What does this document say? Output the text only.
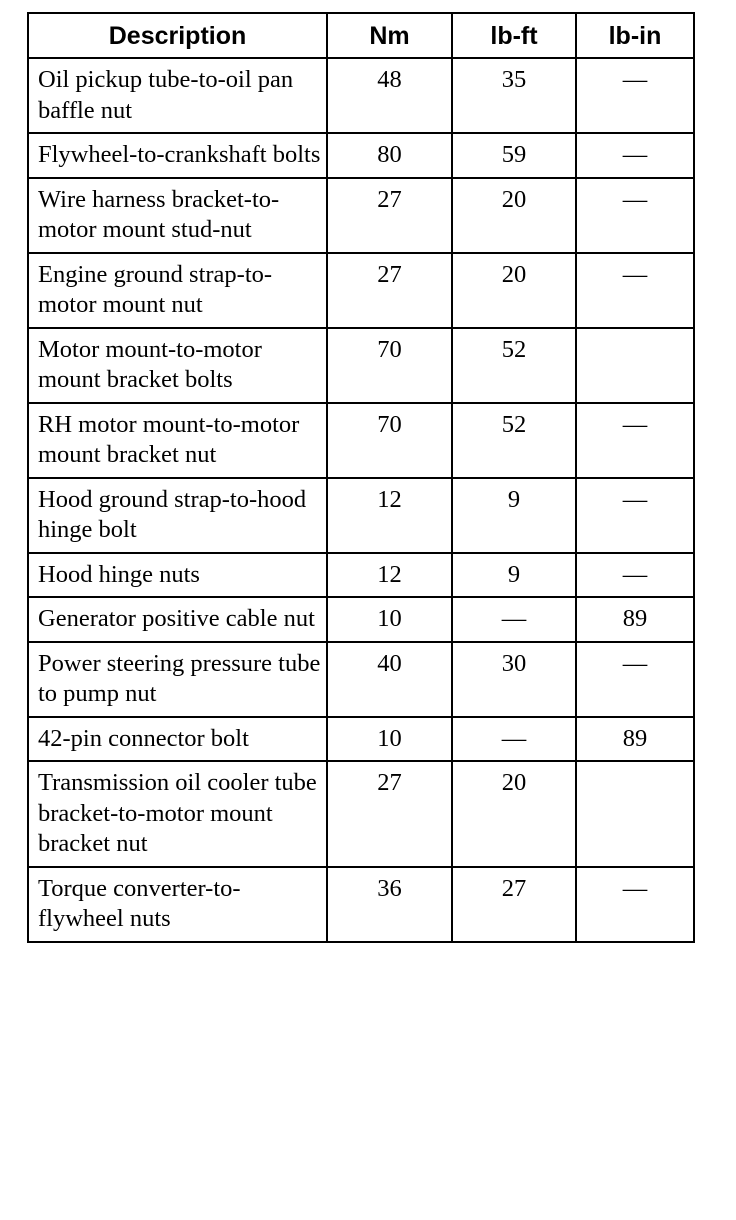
Description	Nm	lb-ft	lb-in
Oil pickup tube-to-oil pan baffle nut	48	35	—
Flywheel-to-crankshaft bolts	80	59	—
Wire harness bracket-to-motor mount stud-nut	27	20	—
Engine ground strap-to-motor mount nut	27	20	—
Motor mount-to-motor mount bracket bolts	70	52	
RH motor mount-to-motor mount bracket nut	70	52	—
Hood ground strap-to-hood hinge bolt	12	9	—
Hood hinge nuts	12	9	—
Generator positive cable nut	10	—	89
Power steering pressure tube to pump nut	40	30	—
42-pin connector bolt	10	—	89
Transmission oil cooler tube bracket-to-motor mount bracket nut	27	20	
Torque converter-to-flywheel nuts	36	27	—
